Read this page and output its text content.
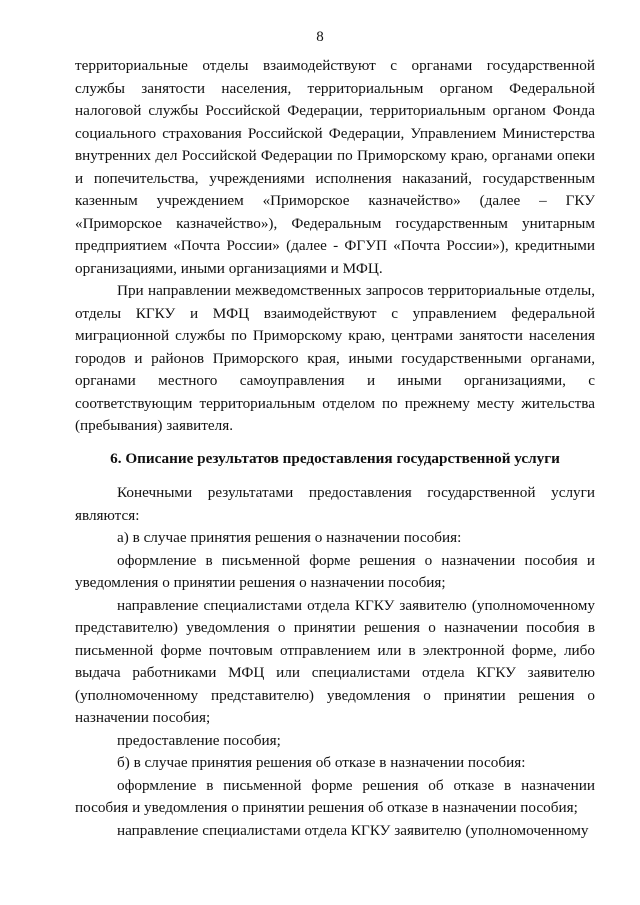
8

территориальные отделы взаимодействуют с органами государственной службы занятости населения, территориальным органом Федеральной налоговой службы Российской Федерации, территориальным органом Фонда социального страхования Российской Федерации, Управлением Министерства внутренних дел Российской Федерации по Приморскому краю, органами опеки и попечительства, учреждениями исполнения наказаний, государственным казенным учреждением «Приморское казначейство» (далее – ГКУ «Приморское казначейство»), Федеральным государственным унитарным предприятием «Почта России» (далее - ФГУП «Почта России»), кредитными организациями, иными организациями и МФЦ.

При направлении межведомственных запросов территориальные отделы, отделы КГКУ и МФЦ взаимодействуют с управлением федеральной миграционной службы по Приморскому краю, центрами занятости населения городов и районов Приморского края, иными государственными органами, органами местного самоуправления и иными организациями, с соответствующим территориальным отделом по прежнему месту жительства (пребывания) заявителя.

6. Описание результатов предоставления государственной услуги

Конечными результатами предоставления государственной услуги являются:

а) в случае принятия решения о назначении пособия:

оформление в письменной форме решения о назначении пособия и уведомления о принятии решения о назначении пособия;

направление специалистами отдела КГКУ заявителю (уполномоченному представителю) уведомления о принятии решения о назначении пособия в письменной форме почтовым отправлением или в электронной форме, либо выдача работниками МФЦ или специалистами отдела КГКУ заявителю (уполномоченному представителю) уведомления о принятии решения о назначении пособия;

предоставление пособия;

б) в случае принятия решения об отказе в назначении пособия:

оформление в письменной форме решения об отказе в назначении пособия и уведомления о принятии решения об отказе в назначении пособия;

направление специалистами отдела КГКУ заявителю (уполномоченному
